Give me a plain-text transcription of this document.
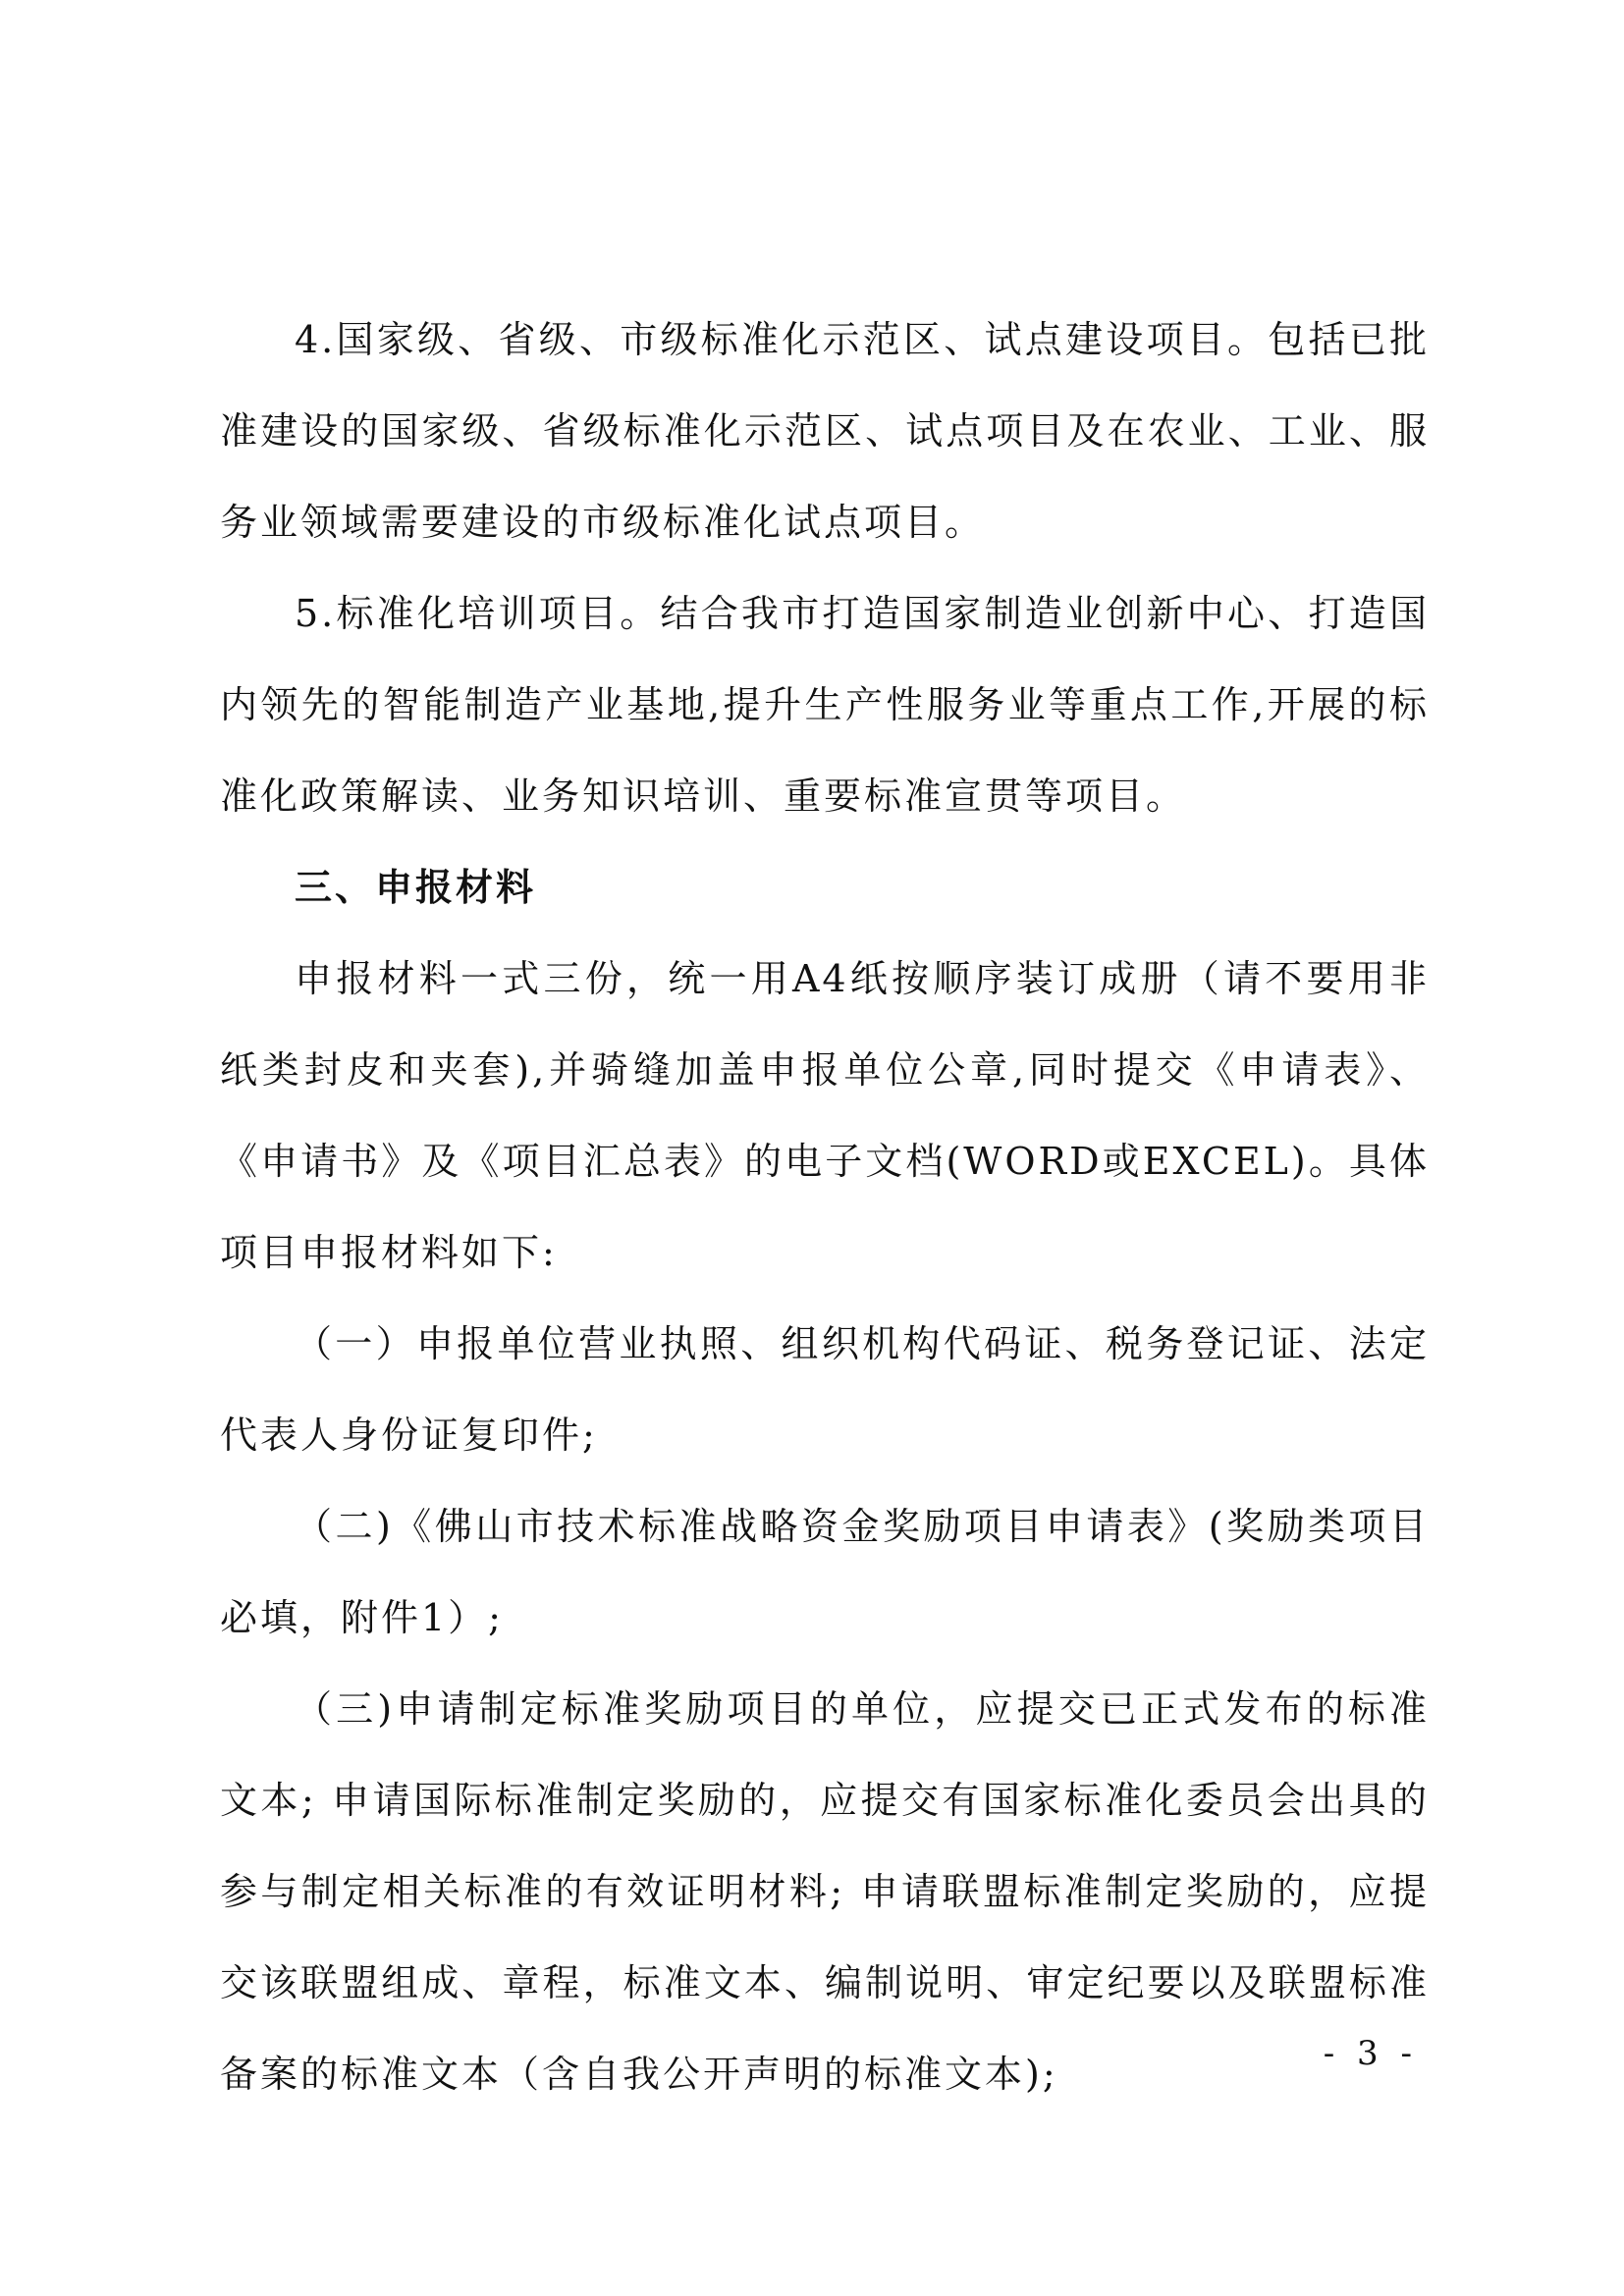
4.国家级、省级、市级标准化示范区、试点建设项目。包括已批准建设的国家级、省级标准化示范区、试点项目及在农业、工业、服务业领域需要建设的市级标准化试点项目。

5.标准化培训项目。结合我市打造国家制造业创新中心、打造国内领先的智能制造产业基地,提升生产性服务业等重点工作,开展的标准化政策解读、业务知识培训、重要标准宣贯等项目。

三、申报材料

申报材料一式三份，统一用A4纸按顺序装订成册（请不要用非纸类封皮和夹套),并骑缝加盖申报单位公章,同时提交《申请表》、《申请书》及《项目汇总表》的电子文档(WORD或EXCEL)。具体项目申报材料如下:

（一）申报单位营业执照、组织机构代码证、税务登记证、法定代表人身份证复印件;

（二)《佛山市技术标准战略资金奖励项目申请表》(奖励类项目必填，附件1）;

（三)申请制定标准奖励项目的单位，应提交已正式发布的标准文本; 申请国际标准制定奖励的，应提交有国家标准化委员会出具的参与制定相关标准的有效证明材料; 申请联盟标准制定奖励的，应提交该联盟组成、章程，标准文本、编制说明、审定纪要以及联盟标准备案的标准文本（含自我公开声明的标准文本);	- 3 -
